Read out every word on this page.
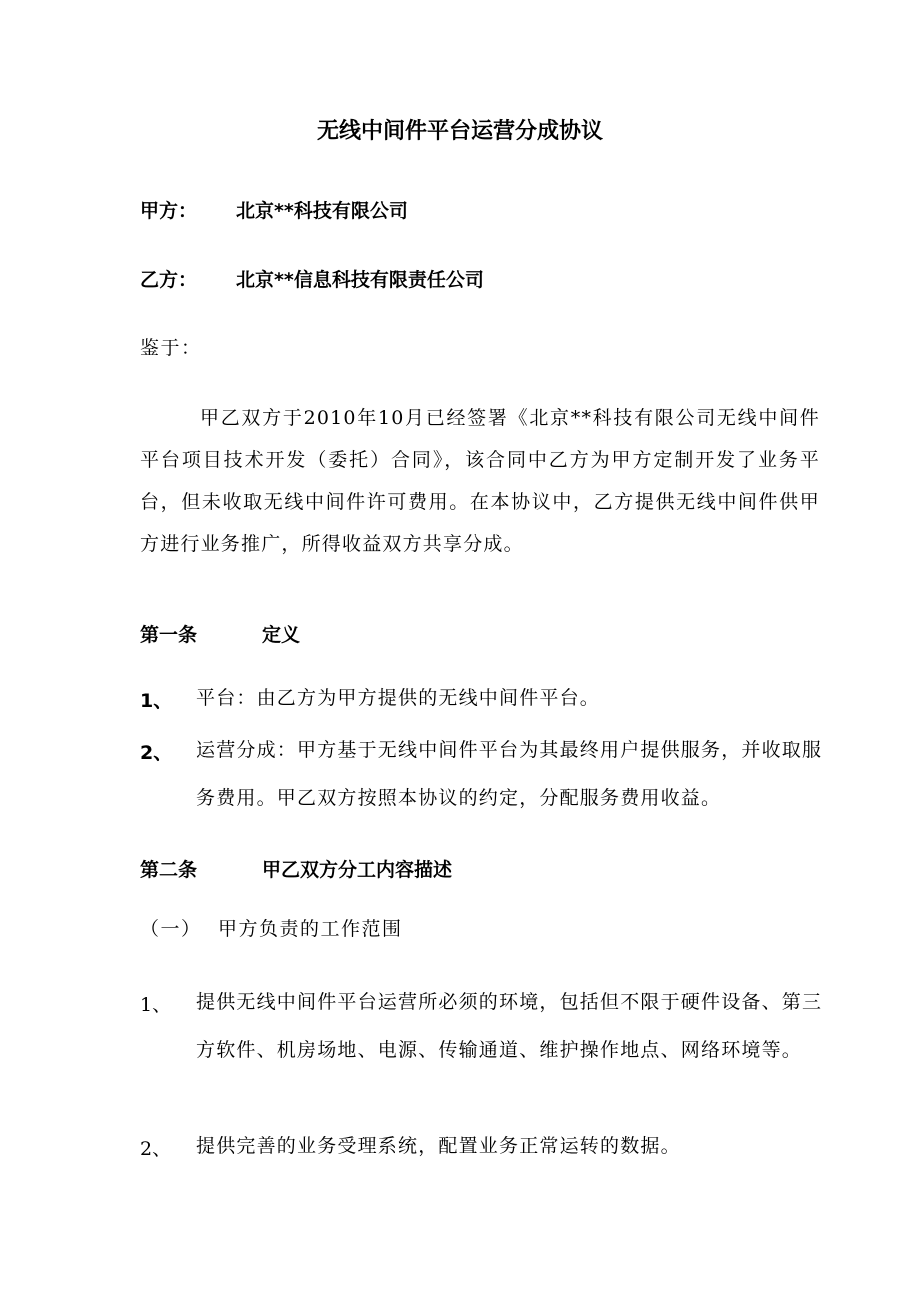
无线中间件平台运营分成协议
甲方： 北京**科技有限公司
乙方： 北京**信息科技有限责任公司
鉴于：
甲乙双方于2010年10月已经签署《北京**科技有限公司无线中间件平台项目技术开发（委托）合同》，该合同中乙方为甲方定制开发了业务平台，但未收取无线中间件许可费用。在本协议中，乙方提供无线中间件供甲方进行业务推广，所得收益双方共享分成。
第一条	定义
1、 平台：由乙方为甲方提供的无线中间件平台。
2、 运营分成：甲方基于无线中间件平台为其最终用户提供服务，并收取服务费用。甲乙双方按照本协议的约定，分配服务费用收益。
第二条	甲乙双方分工内容描述
（一） 甲方负责的工作范围
1、 提供无线中间件平台运营所必须的环境，包括但不限于硬件设备、第三方软件、机房场地、电源、传输通道、维护操作地点、网络环境等。
2、 提供完善的业务受理系统，配置业务正常运转的数据。
